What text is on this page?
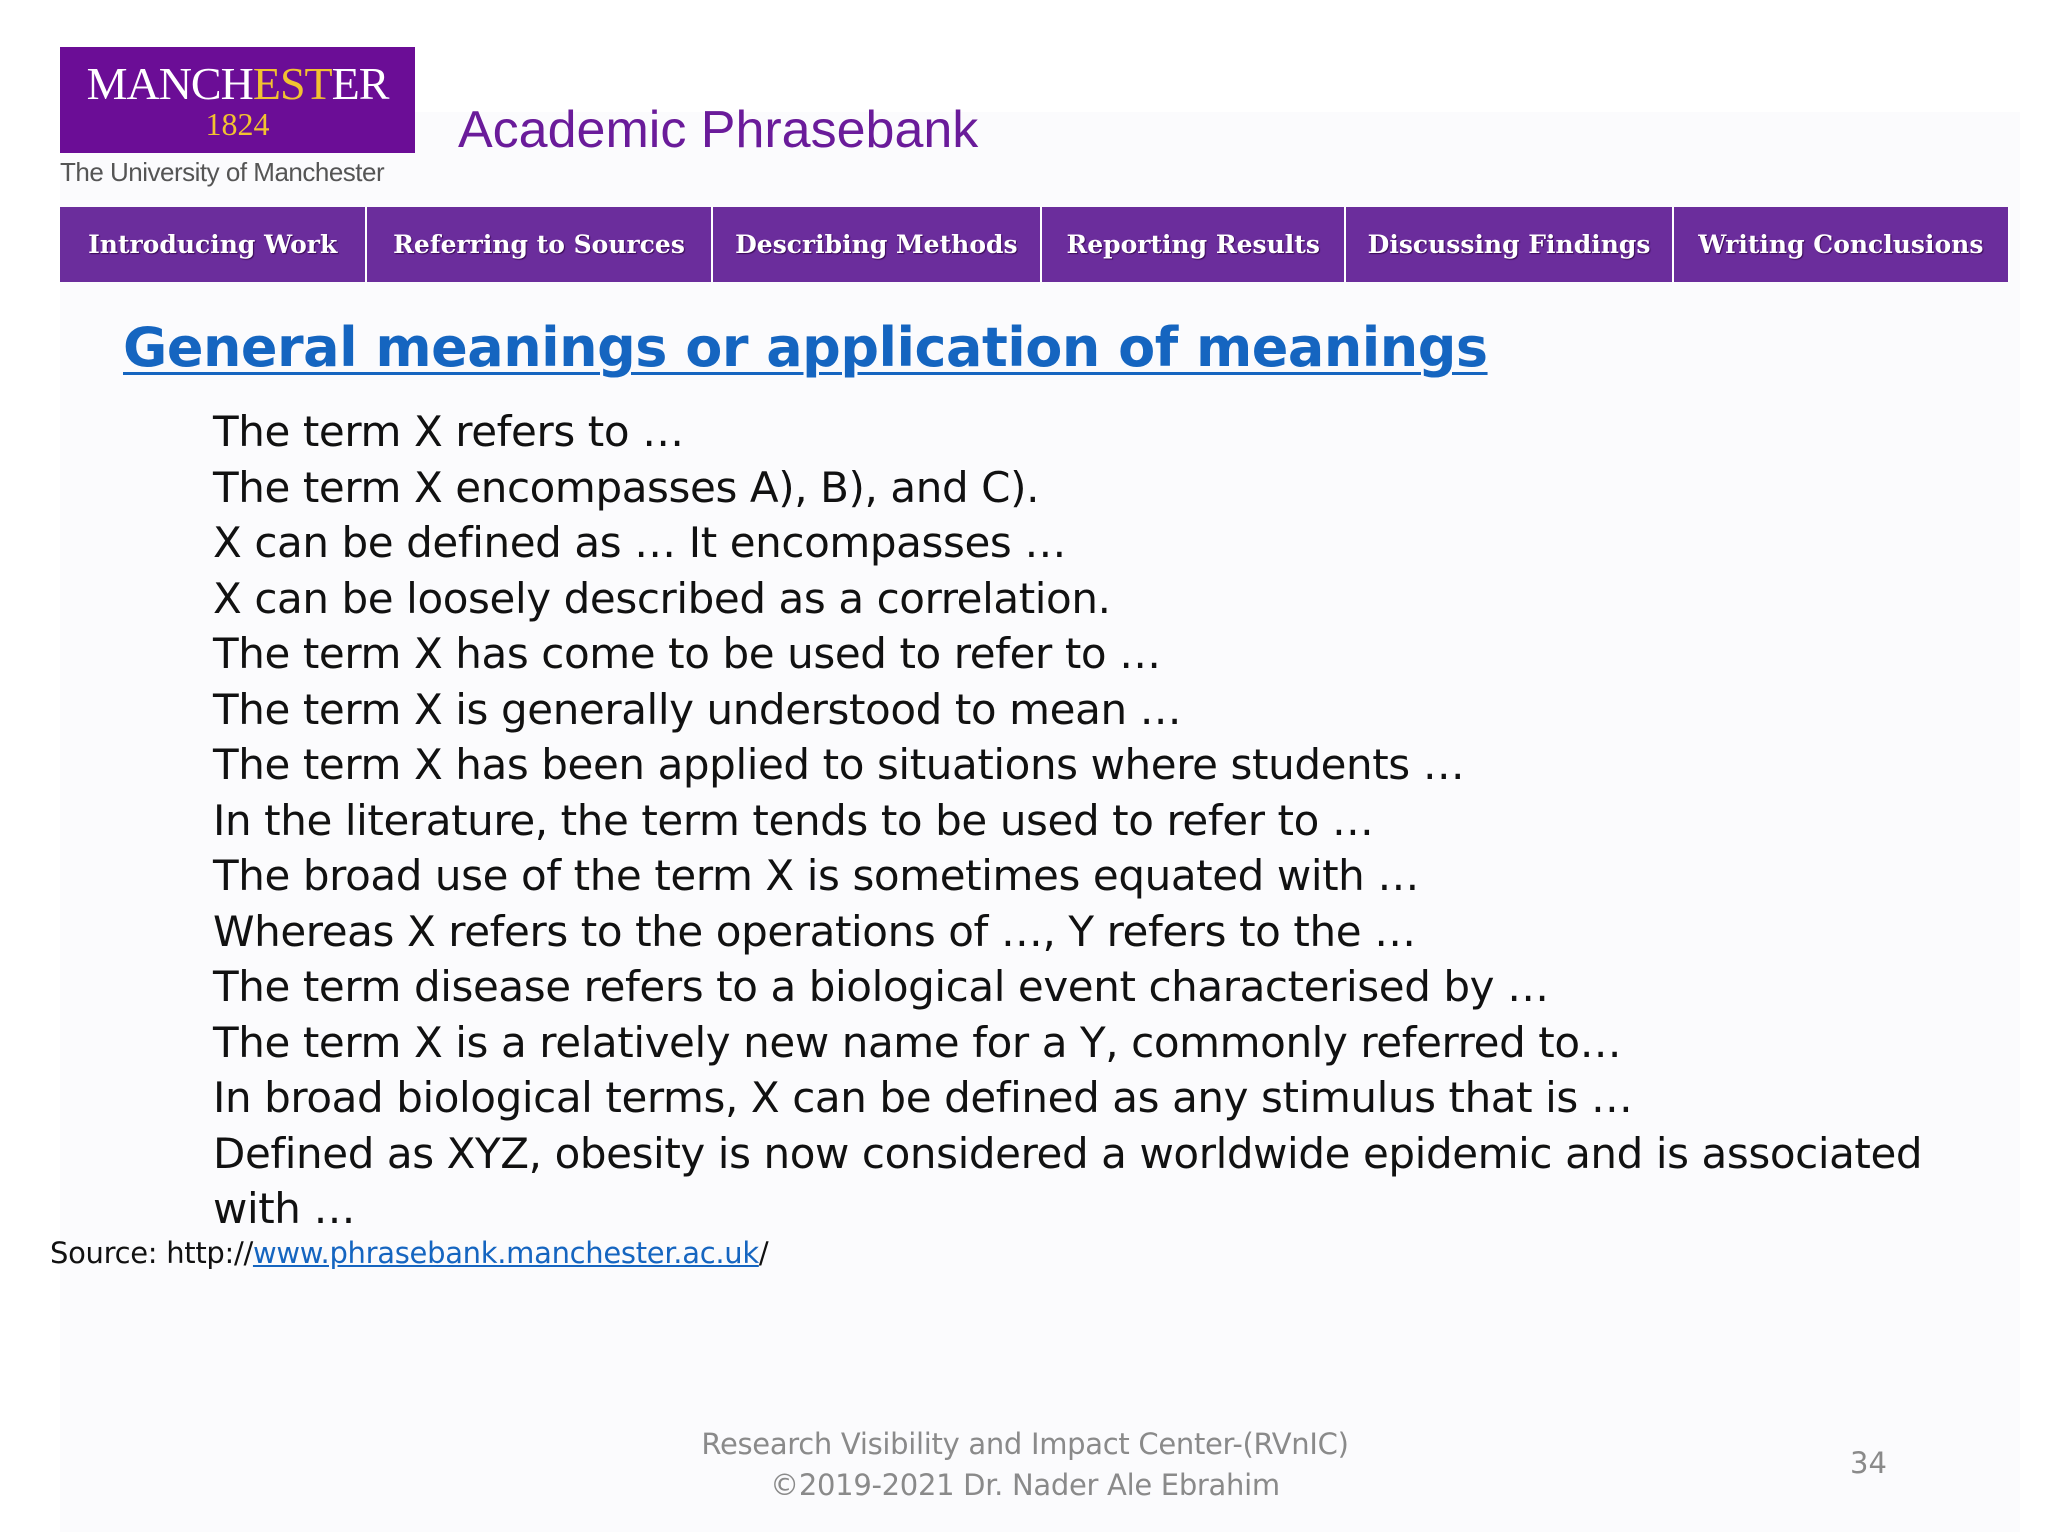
MANCHESTER
1824
The University of Manchester
Academic Phrasebank
Introducing Work	Referring to Sources	Describing Methods	Reporting Results	Discussing Findings	Writing Conclusions
General meanings or application of meanings
The term X refers to …
The term X encompasses A), B), and C).
X can be defined as … It encompasses …
X can be loosely described as a correlation.
The term X has come to be used to refer to …
The term X is generally understood to mean …
The term X has been applied to situations where students …
In the literature, the term tends to be used to refer to …
The broad use of the term X is sometimes equated with …
Whereas X refers to the operations of …, Y refers to the …
The term disease refers to a biological event characterised by …
The term X is a relatively new name for a Y, commonly referred to…
In broad biological terms, X can be defined as any stimulus that is …
Defined as XYZ, obesity is now considered a worldwide epidemic and is associated with …
Source: http://www.phrasebank.manchester.ac.uk/
Research Visibility and Impact Center-(RVnIC)
©2019-2021 Dr. Nader Ale Ebrahim
34
